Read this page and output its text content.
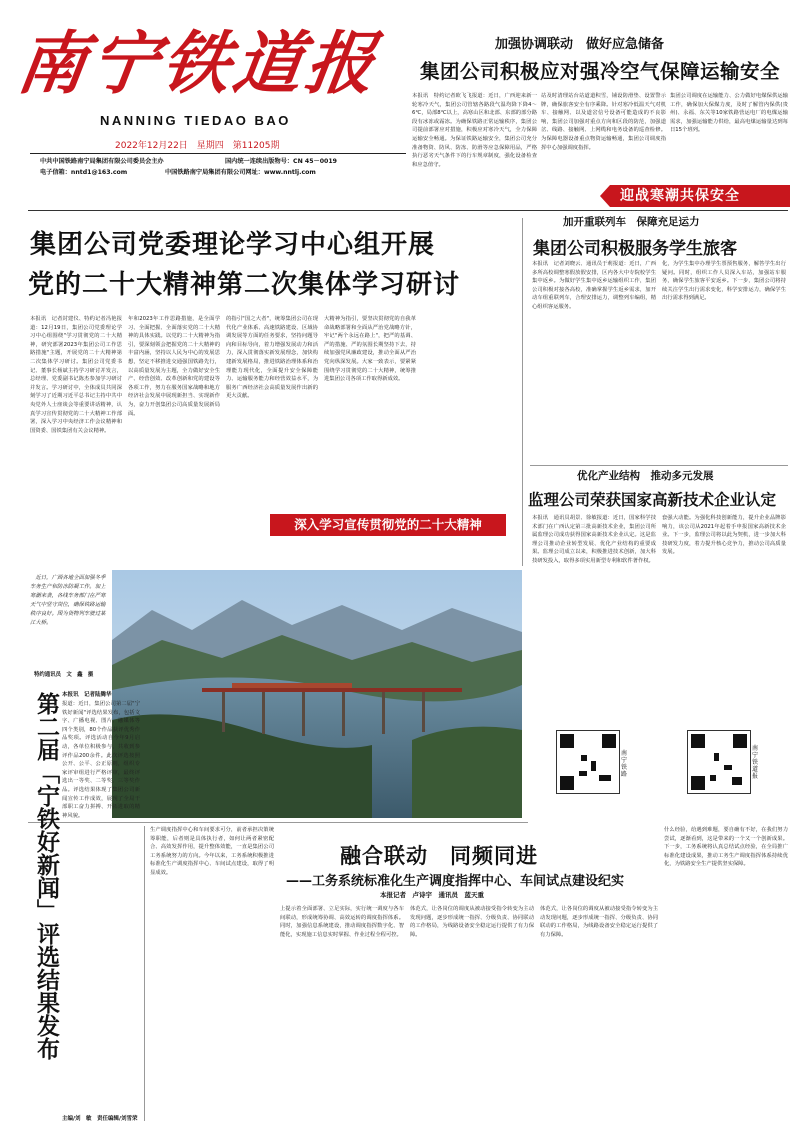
南宁铁道报
NANNING TIEDAO BAO
2022年12月22日　星期四　第11205期
中共中国铁路南宁局集团有限公司委员会主办	国内统一连续出版物号：CN 45－0019
电子信箱：nntd1@163.com	中国铁路南宁局集团有限公司网址：www.nntlj.com
加强协调联动　做好应急储备
集团公司积极应对强冷空气保障运输安全
本报讯　特约记者欧飞飞报道：近日，广西迎来新一轮寒冷天气，集团公司管辖各路段气温均降下降4～6℃，局部8℃以上，高寒山区和北部、东部的部分路段有冰冻或霜冻。为确保铁路正常运输秩序，集团公司提前部署应对措施，积极应对寒冷天气，全力保障运输安全畅通。为保证铁路运输安全，集团公司充分准备物资、防风、防冻、防滑等应急保障用品，严格执行恶劣天气条件下的行车规章制度，强化设备检查和应急值守。
站及时清理站台站道道积雪，铺设防滑垫、设置警示牌，确保旅客安全有序乘降。针对寒冷低温天气对机车、接触网、以及道岔信号设备可能造成的不良影响，集团公司加强对重点方向和区段的防范，加强道岔、线路、接触网、上网缆和电务设备的巡查检修。为保障电器设备重点物资运输畅通，集团公司调度指挥中心加强调度指挥。
集团公司调度在运输能力、公力做好电煤保供运输工作，确保加大保煤力度，及时了解管内保供(贵州)、永福、东关等10家铁路营运电厂的电煤运输需求，加强运输能力供给，最高电煤运输量达到每日15个班列。
迎战寒潮共保安全
集团公司党委理论学习中心组开展
党的二十大精神第二次集体学习研讨
本报讯　记者封建仪、特约记者冯艳报道：12月19日，集团公司党委理论学习中心组围绕"学习贯彻党的二十大精神，研究部署2023年集团公司工作思路措施"主题，开展党的二十大精神第二次集体学习研讨。集团公司党委书记、董事长杨斌主持学习研讨并发言，总经理、党委副书记陈杰参加学习研讨并发言。学习研讨中，全体成员共同深刻学习了近期习近平总书记主持中共中央党外人士座谈会等重要讲话精神，认真学习宣传贯彻党的二十大精神工作部署，深入学习中央经济工作会议精神和国资委、国铁集团有关会议精神。
年和2023年工作思路措施，是全面学习、全面把握、全面落实党的二十大精神的具体实践。以党的二十大精神为指引，要深刻领会把握党的二十大精神的丰富内涵，坚持以人民为中心的发展思想，坚定不移推进交通强国铁路先行，以高质量发展为主题，全力做好安全生产、经营创效、改革创新和党的建设等各项工作，努力在服务国家战略和地方经济社会发展中展现新担当、实现新作为，奋力开创集团公司高质量发展新局面。
的指引"国之大者"，统筹集团公司在现代化产业体系、高速铁路建设、区域协调发展等方面的任务要求，坚持问题导向和目标导向，着力增强发展动力和活力，深入贯彻落实新发展理念，加快构建新发展格局，推进铁路治理体系和治理能力现代化，全面提升安全保障能力、运输服务能力和经营效益水平，为服务广西经济社会高质量发展作出新的更大贡献。
大精神为指引，要坚决贯彻党的自我革命战略部署和全面从严治党战略方针，牢记"两个永远在路上"，把严的基调、严的措施、严的氛围长期坚持下去，持续加强党风廉政建设，推动全面从严治党向纵深发展。大家一致表示，要紧紧围绕学习贯彻党的二十大精神，统筹推进集团公司各项工作取得新成效。
深入学习宣传贯彻党的二十大精神
加开重联列车　保障充足运力
集团公司积极服务学生旅客
本报讯　记者刘晓云、通讯员于莉报道：近日，广西多所高校调整寒假放假安排，区内各大中专院校学生集中返乡。为做好学生集中返乡运输组织工作，集团公司积极对接各高校，准确掌握学生返乡需求，加开动车组重联列车，合理安排运力，调整列车编组，精心组织客运服务。
化，为学生集中办理学生票预售服务，解答学生出行疑问。同时，组织工作人员深入车站，加强站车服务，确保学生旅客平安返乡。下一步，集团公司将持续关注学生出行需求变化，科学安排运力，确保学生出行需求得到满足。
优化产业结构　推动多元发展
监理公司荣获国家高新技术企业认定
本报讯　通讯员胡景、徐敏报道：近日，国家科学技术部门在广西认定第三批高新技术企业，集团公司所属监理公司成功获得国家高新技术企业认定。这是监理公司推动企业转型发展、优化产业结构的重要成果。监理公司成立以来，积极推进技术创新，加大科技研发投入，取得多项实用新型专利和软件著作权。
套强大动能。为强化科技创新能力，提升企业品牌影响力，该公司从2021年起着手申报国家高新技术企业。下一步，监理公司将以此为契机，进一步加大科技研发力度，着力提升核心竞争力，推动公司高质量发展。
南宁铁路
南宁铁道报
　近日，广西各地全面加强冬季车务生产和防冻防凝工作。加上寒潮来袭，各线车务部门在严寒天气中坚守岗位，确保铁路运输秩序良好。图为货物列车驶过某江大桥。
特约通讯员　文　鑫　摄
本报讯　记者陆腾华
第二届「宁铁好新闻」评选结果发布 报道：近日，集团公司第二届"宁铁好新闻"评选结果发布，包括文字、广播电视、图片、融媒体等四个类别，80个作品获评优秀作品奖项。评选活动自今年9月启动，各单位积极参与，共收到参评作品200余件。此次评选按照公开、公平、公正原则，组织专家评审组进行严格评审，最终评选出一等奖、二等奖、三等奖作品。评选结果体现了集团公司新闻宣传工作成效，展现了全局干部职工奋力拼搏、开拓进取的精神风貌。
主编/刘　敏　责任编辑/刘雪荣
融合联动　同频同进
——工务系统标准化生产调度指挥中心、车间试点建设纪实
本报记者　卢诗宇　通讯员　蓝天重
生产调度指挥中心和车间要求可分，前者承担决策统筹职能，后者则是具体执行者，如何让两者紧密配合、高效发挥作用，提升整体效能，一直是集团公司工务系统努力的方向。今年以来，工务系统积极推进标准化生产调度指挥中心、车间试点建设，取得了明显成效。
上提示着全面部署、立足实际，实行统一调度与各车间联动，形成统筹协调、高效运转的调度指挥体系。同时，加强信息系统建设，推动调度指挥数字化、智能化，实现施工信息实时掌握、作业过程全程可控。
体范式，让各岗位的调度从被动接受指令转变为主动发现问题，逐步形成统一指挥、分级负责、协同联动的工作格局，为线路设备安全稳定运行提供了有力保障。
什么经验，给遇到难题，要自确有不好，在我们努力尝试，逐渐看到，这是带来的一个又一个创新成果。下一步，工务系统将认真总结试点经验，在全局推广标准化建设成果，推动工务生产调度指挥体系持续优化，为铁路安全生产提供坚实保障。
体范式，让各岗位的调度从被动接受指令转变为主动发现问题，逐步形成统一指挥、分级负责、协同联动的工作格局，为线路设备安全稳定运行提供了有力保障。
